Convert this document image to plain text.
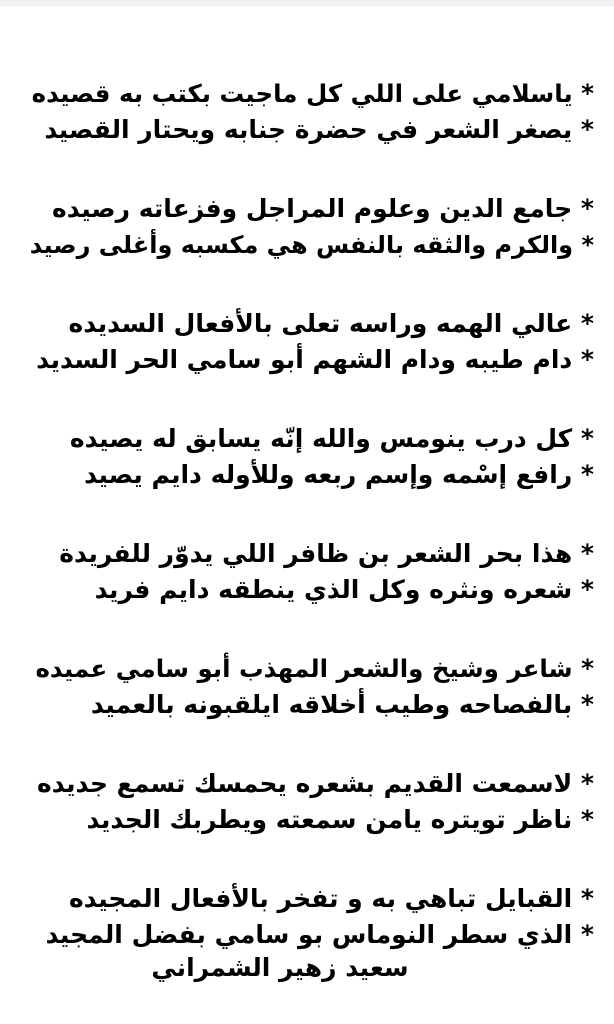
* ياسلامي على اللي كل ماجيت بكتب به قصيده
* يصغر الشعر في حضرة جنابه ويحتار القصيد
* جامع الدين وعلوم المراجل وفزعاته رصيده
* والكرم والثقه بالنفس هي مكسبه وأغلى رصيد
* عالي الهمه وراسه تعلى بالأفعال السديده
* دام طيبه ودام الشهم أبو سامي الحر السديد
* كل درب ينومس والله إنّه يسابق له يصيده
* رافع إسْمه وإسم ربعه وللأوله دايم يصيد
* هذا بحر الشعر بن ظافر اللي يدوّر للفريدة
* شعره ونثره وكل الذي ينطقه دايم فريد
* شاعر وشيخ والشعر المهذب أبو سامي عميده
* بالفصاحه وطيب أخلاقه ايلقبونه بالعميد
* لاسمعت القديم بشعره يحمسك تسمع جديده
* ناظر تويتره يامن سمعته ويطربك الجديد
* القبايل تباهي به و تفخر بالأفعال المجيده
* الذي سطر النوماس بو سامي بفضل المجيد
سعيد زهير الشمراني
